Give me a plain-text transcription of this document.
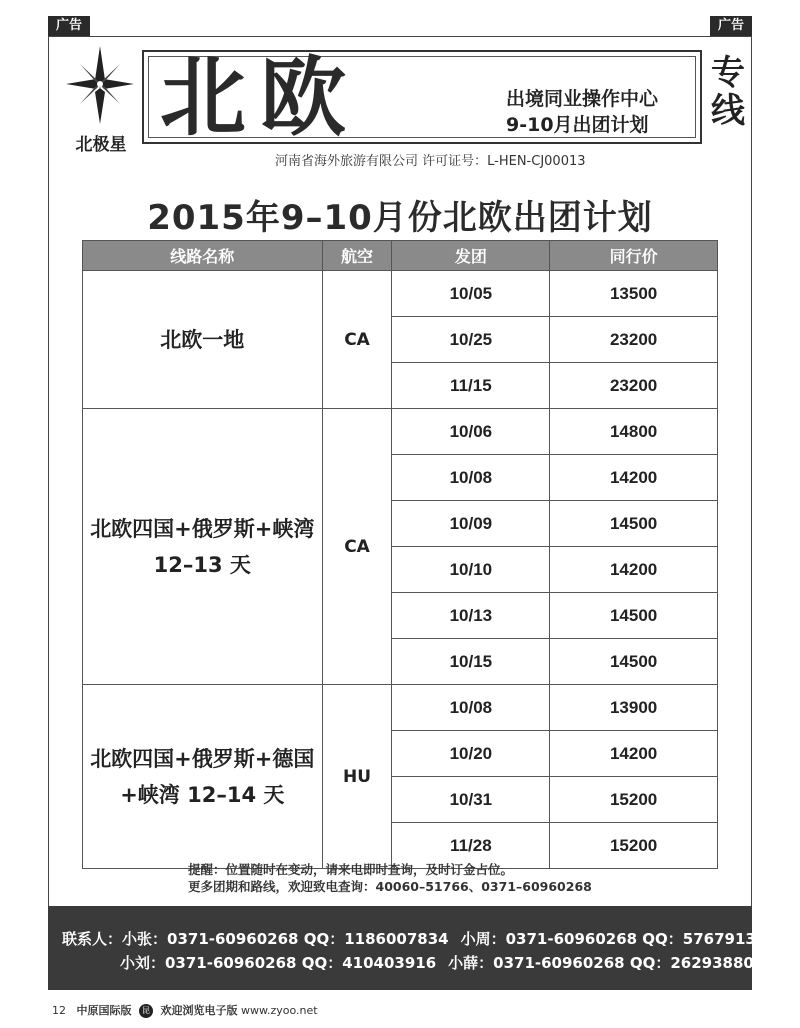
广告	广告
北极星 北欧	出境同业操作中心
9-10月出团计划
专线
河南省海外旅游有限公司 许可证号：L-HEN-CJ00013
2015年9–10月份北欧出团计划
线路名称	航空	发团	同行价

北欧一地	CA	10/05	13500
		10/25	23200
		11/15	23200

北欧四国+俄罗斯+峡湾
12–13 天	CA	10/06	14800
		10/08	14200
		10/09	14500
		10/10	14200
		10/13	14500
		10/15	14500

北欧四国+俄罗斯+德国
+峡湾 12–14 天	HU	10/08	13900
		10/20	14200
		10/31	15200
		11/28	15200
提醒：位置随时在变动，请来电即时查询，及时订金占位。
更多团期和路线，欢迎致电查询：40060–51766、0371–60960268
联系人：小张：0371-60960268 QQ：1186007834 小周：0371-60960268 QQ：576791333
小刘：0371-60960268 QQ：410403916 小薛：0371-60960268 QQ：2629388058
12 中原国际版 昆 欢迎浏览电子版 www.zyoo.net
